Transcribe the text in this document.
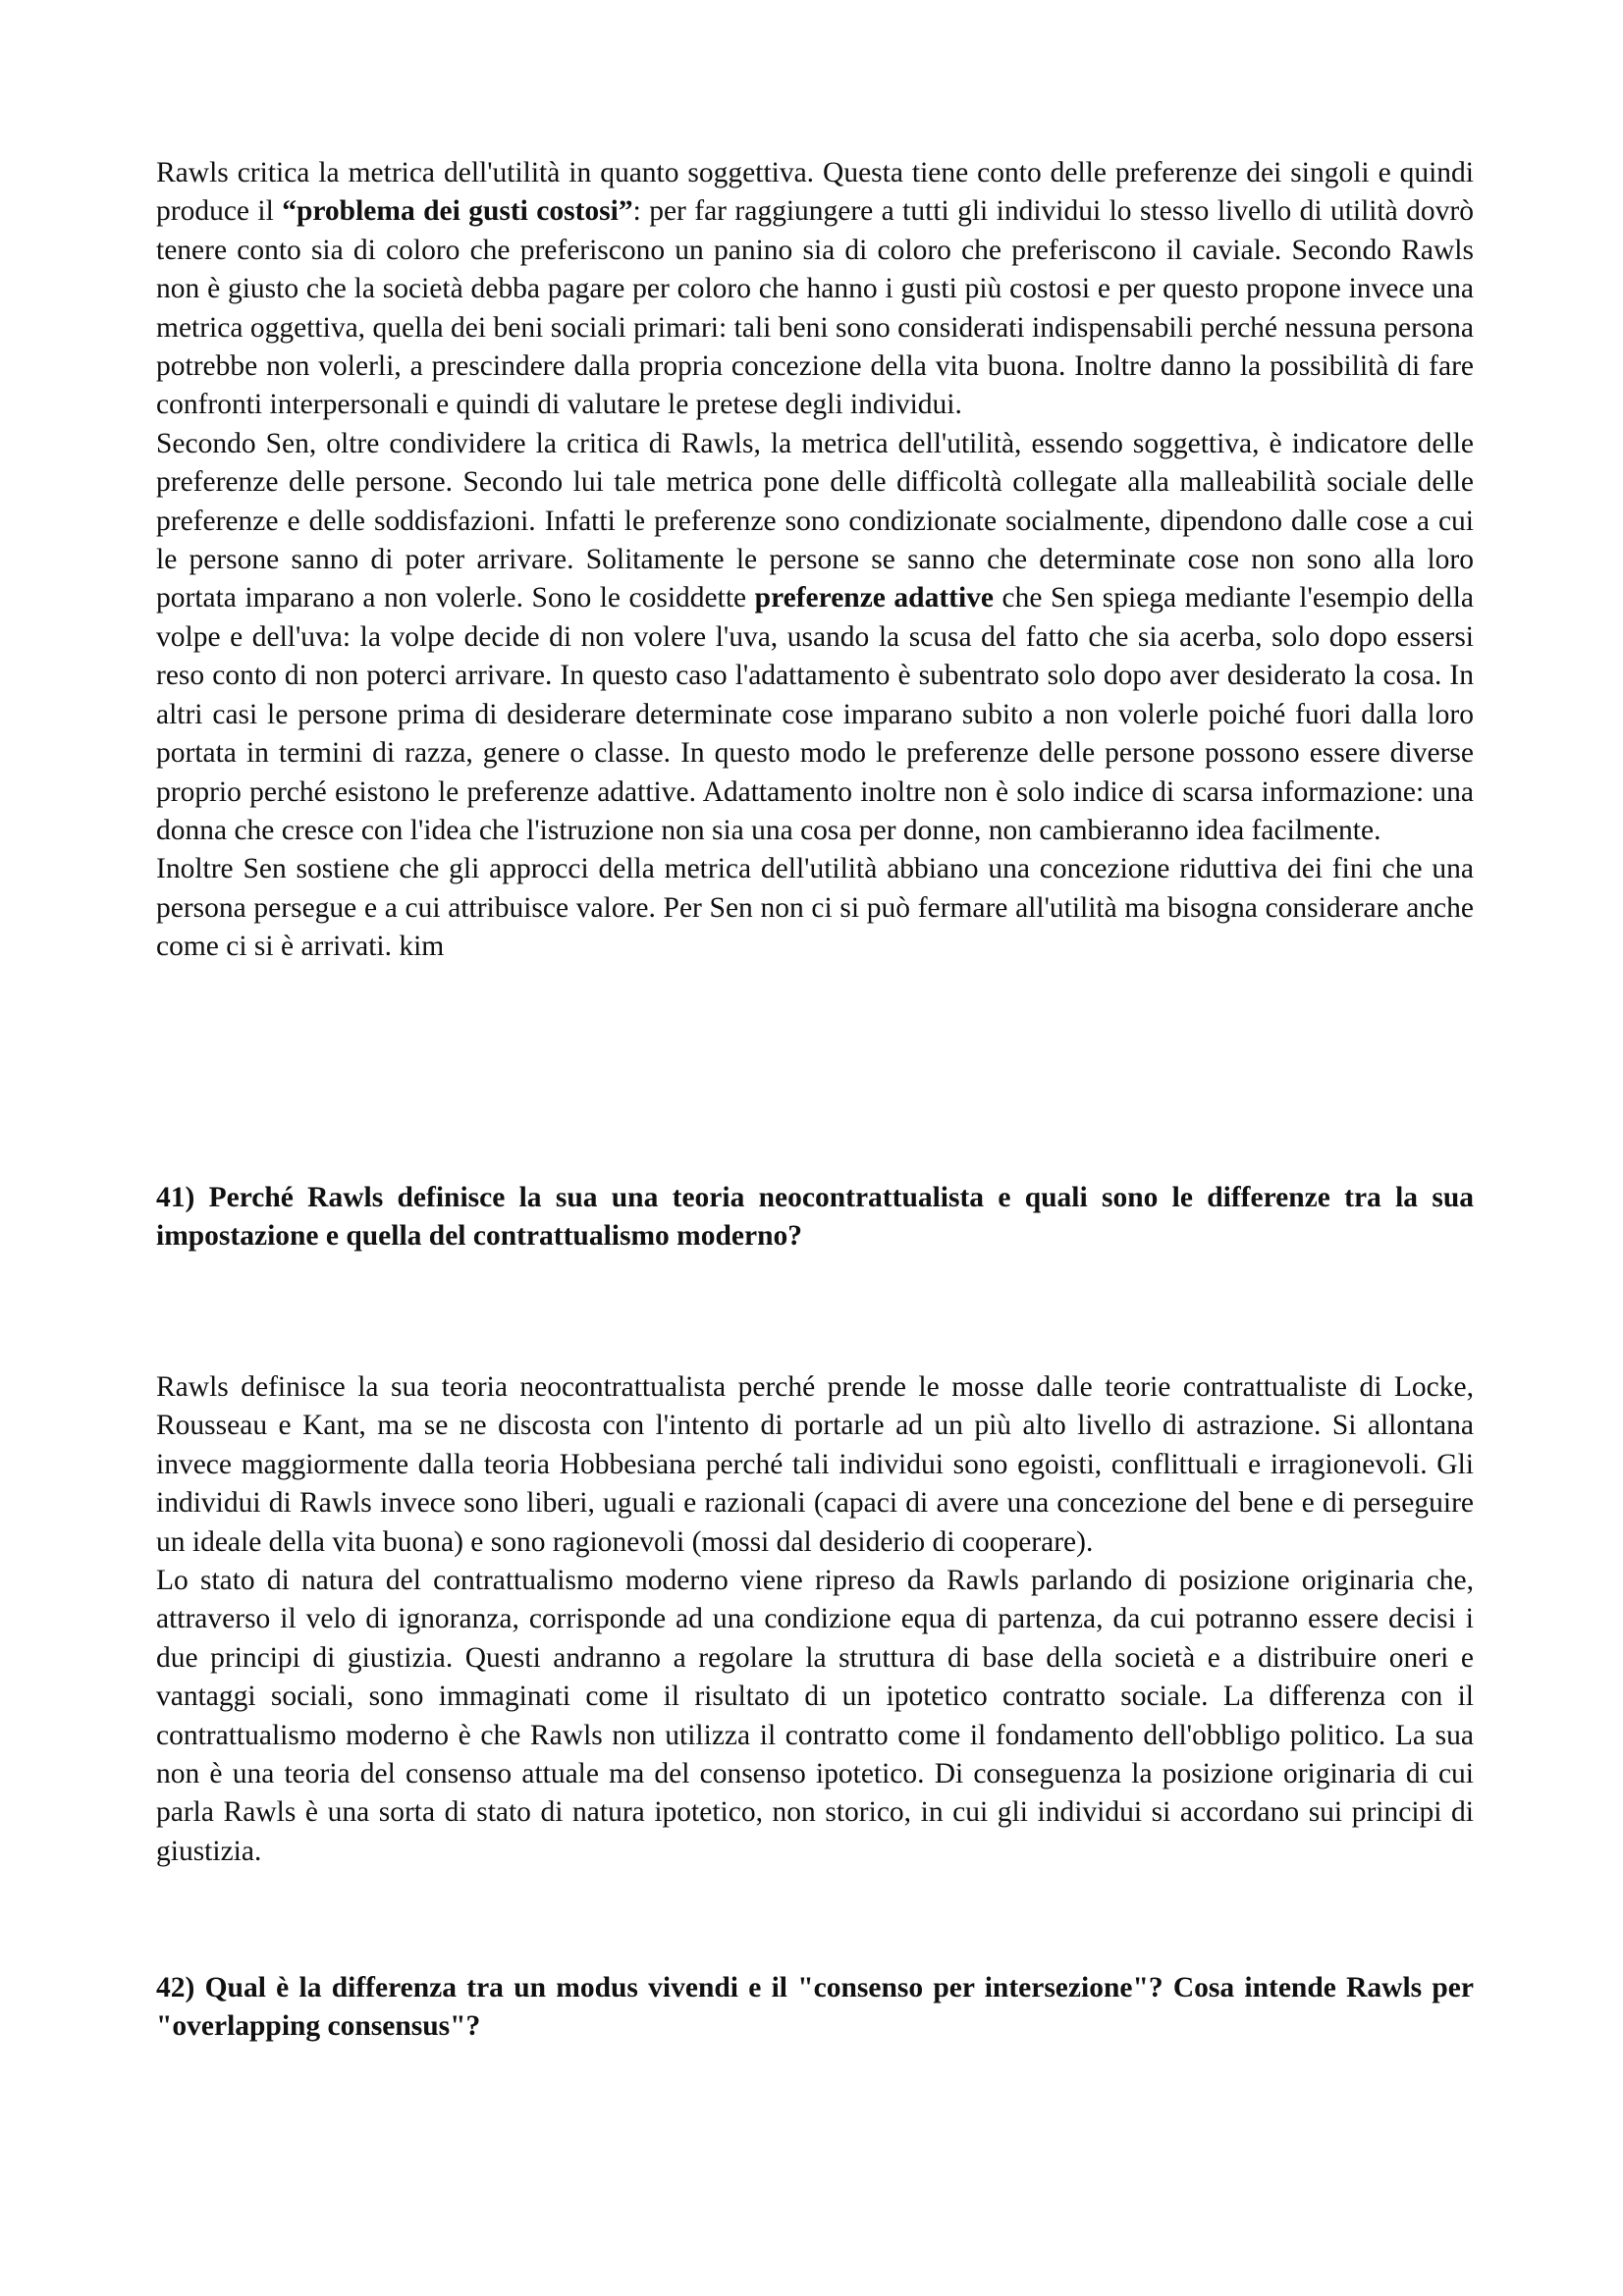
Rawls critica la metrica dell'utilità in quanto soggettiva. Questa tiene conto delle preferenze dei singoli e quindi produce il “problema dei gusti costosi”: per far raggiungere a tutti gli individui lo stesso livello di utilità dovrò tenere conto sia di coloro che preferiscono un panino sia di coloro che preferiscono il caviale. Secondo Rawls non è giusto che la società debba pagare per coloro che hanno i gusti più costosi e per questo propone invece una metrica oggettiva, quella dei beni sociali primari: tali beni sono considerati indispensabili perché nessuna persona potrebbe non volerli, a prescindere dalla propria concezione della vita buona. Inoltre danno la possibilità di fare confronti interpersonali e quindi di valutare le pretese degli individui.

Secondo Sen, oltre condividere la critica di Rawls, la metrica dell'utilità, essendo soggettiva, è indicatore delle preferenze delle persone. Secondo lui tale metrica pone delle difficoltà collegate alla malleabilità sociale delle preferenze e delle soddisfazioni. Infatti le preferenze sono condizionate socialmente, dipendono dalle cose a cui le persone sanno di poter arrivare. Solitamente le persone se sanno che determinate cose non sono alla loro portata imparano a non volerle. Sono le cosiddette preferenze adattive che Sen spiega mediante l'esempio della volpe e dell'uva: la volpe decide di non volere l'uva, usando la scusa del fatto che sia acerba, solo dopo essersi reso conto di non poterci arrivare. In questo caso l'adattamento è subentrato solo dopo aver desiderato la cosa. In altri casi le persone prima di desiderare determinate cose imparano subito a non volerle poiché fuori dalla loro portata in termini di razza, genere o classe. In questo modo le preferenze delle persone possono essere diverse proprio perché esistono le preferenze adattive. Adattamento inoltre non è solo indice di scarsa informazione: una donna che cresce con l'idea che l'istruzione non sia una cosa per donne, non cambieranno idea facilmente.

Inoltre Sen sostiene che gli approcci della metrica dell'utilità abbiano una concezione riduttiva dei fini che una persona persegue e a cui attribuisce valore. Per Sen non ci si può fermare all'utilità ma bisogna considerare anche come ci si è arrivati. kim

41) Perché Rawls definisce la sua una teoria neocontrattualista e quali sono le differenze tra la sua impostazione e quella del contrattualismo moderno?

Rawls definisce la sua teoria neocontrattualista perché prende le mosse dalle teorie contrattualiste di Locke, Rousseau e Kant, ma se ne discosta con l'intento di portarle ad un più alto livello di astrazione. Si allontana invece maggiormente dalla teoria Hobbesiana perché tali individui sono egoisti, conflittuali e irragionevoli. Gli individui di Rawls invece sono liberi, uguali e razionali (capaci di avere una concezione del bene e di perseguire un ideale della vita buona) e sono ragionevoli (mossi dal desiderio di cooperare).

Lo stato di natura del contrattualismo moderno viene ripreso da Rawls parlando di posizione originaria che, attraverso il velo di ignoranza, corrisponde ad una condizione equa di partenza, da cui potranno essere decisi i due principi di giustizia. Questi andranno a regolare la struttura di base della società e a distribuire oneri e vantaggi sociali, sono immaginati come il risultato di un ipotetico contratto sociale. La differenza con il contrattualismo moderno è che Rawls non utilizza il contratto come il fondamento dell'obbligo politico. La sua non è una teoria del consenso attuale ma del consenso ipotetico. Di conseguenza la posizione originaria di cui parla Rawls è una sorta di stato di natura ipotetico, non storico, in cui gli individui si accordano sui principi di giustizia.

42) Qual è la differenza tra un modus vivendi e il "consenso per intersezione"? Cosa intende Rawls per "overlapping consensus"?
